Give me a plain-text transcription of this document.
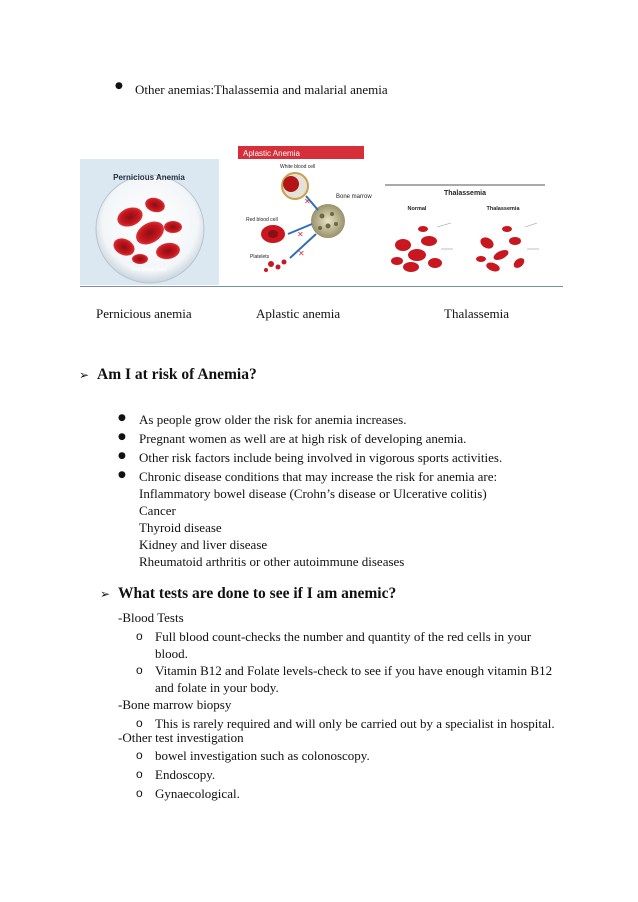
● Other anemias:Thalassemia and malarial anemia
Pernicious Anemia
Red Blood Cells
Aplastic Anemia
✕
✕
✕
White blood cell
Bone marrow
Red blood cell
Platelets
Thalassemia
Normal	Thalassemia
Pernicious anemia	Aplastic anemia	Thalassemia
➢ Am I at risk of Anemia?
● As people grow older the risk for anemia increases.
● Pregnant women as well are at high risk of developing anemia.
● Other risk factors include being involved in vigorous sports activities.
● Chronic disease conditions that may increase the risk for anemia are:
Inflammatory bowel disease (Crohn’s disease or Ulcerative colitis)
Cancer
Thyroid disease
Kidney and liver disease
Rheumatoid arthritis or other autoimmune diseases
➢ What tests are done to see if I am anemic?
-Blood Tests
o Full blood count-checks the number and quantity of the red cells in your
blood.
o Vitamin B12 and Folate levels-check to see if you have enough vitamin B12
and folate in your body.
-Bone marrow biopsy
o This is rarely required and will only be carried out by a specialist in hospital.
-Other test investigation
o bowel investigation such as colonoscopy.
o Endoscopy.
o Gynaecological.
